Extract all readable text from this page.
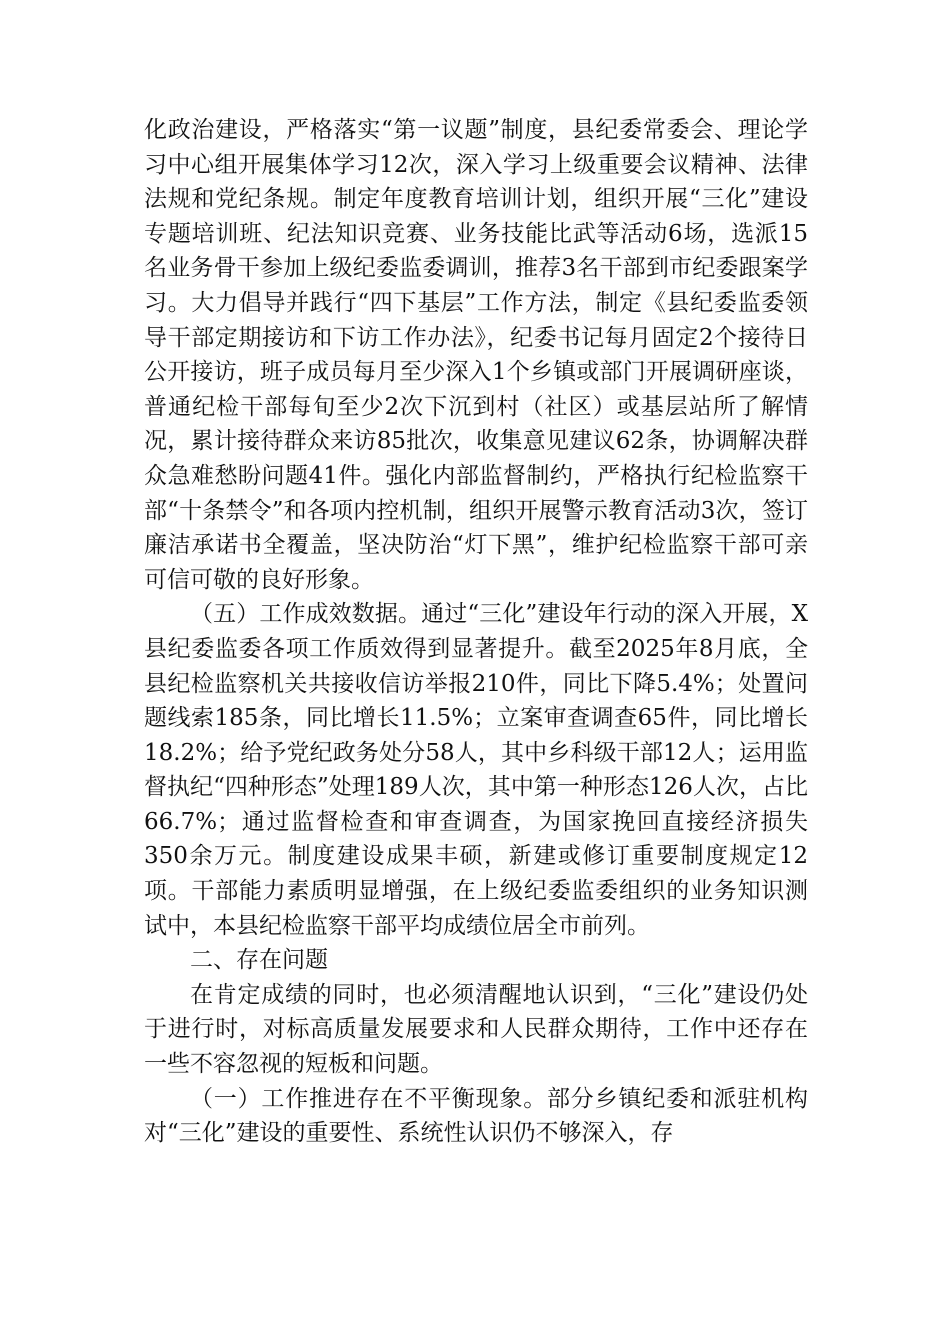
化政治建设，严格落实“第一议题”制度，县纪委常委会、理论学习中心组开展集体学习12次，深入学习上级重要会议精神、法律法规和党纪条规。制定年度教育培训计划，组织开展“三化”建设专题培训班、纪法知识竞赛、业务技能比武等活动6场，选派15名业务骨干参加上级纪委监委调训，推荐3名干部到市纪委跟案学习。大力倡导并践行“四下基层”工作方法，制定《县纪委监委领导干部定期接访和下访工作办法》，纪委书记每月固定2个接待日公开接访，班子成员每月至少深入1个乡镇或部门开展调研座谈，普通纪检干部每旬至少2次下沉到村（社区）或基层站所了解情况，累计接待群众来访85批次，收集意见建议62条，协调解决群众急难愁盼问题41件。强化内部监督制约，严格执行纪检监察干部“十条禁令”和各项内控机制，组织开展警示教育活动3次，签订廉洁承诺书全覆盖，坚决防治“灯下黑”，维护纪检监察干部可亲可信可敬的良好形象。

（五）工作成效数据。通过“三化”建设年行动的深入开展，X县纪委监委各项工作质效得到显著提升。截至2025年8月底，全县纪检监察机关共接收信访举报210件，同比下降5.4%；处置问题线索185条，同比增长11.5%；立案审查调查65件，同比增长18.2%；给予党纪政务处分58人，其中乡科级干部12人；运用监督执纪“四种形态”处理189人次，其中第一种形态126人次，占比66.7%；通过监督检查和审查调查，为国家挽回直接经济损失350余万元。制度建设成果丰硕，新建或修订重要制度规定12项。干部能力素质明显增强，在上级纪委监委组织的业务知识测试中，本县纪检监察干部平均成绩位居全市前列。

二、存在问题

在肯定成绩的同时，也必须清醒地认识到，“三化”建设仍处于进行时，对标高质量发展要求和人民群众期待，工作中还存在一些不容忽视的短板和问题。

（一）工作推进存在不平衡现象。部分乡镇纪委和派驻机构对“三化”建设的重要性、系统性认识仍不够深入，存
